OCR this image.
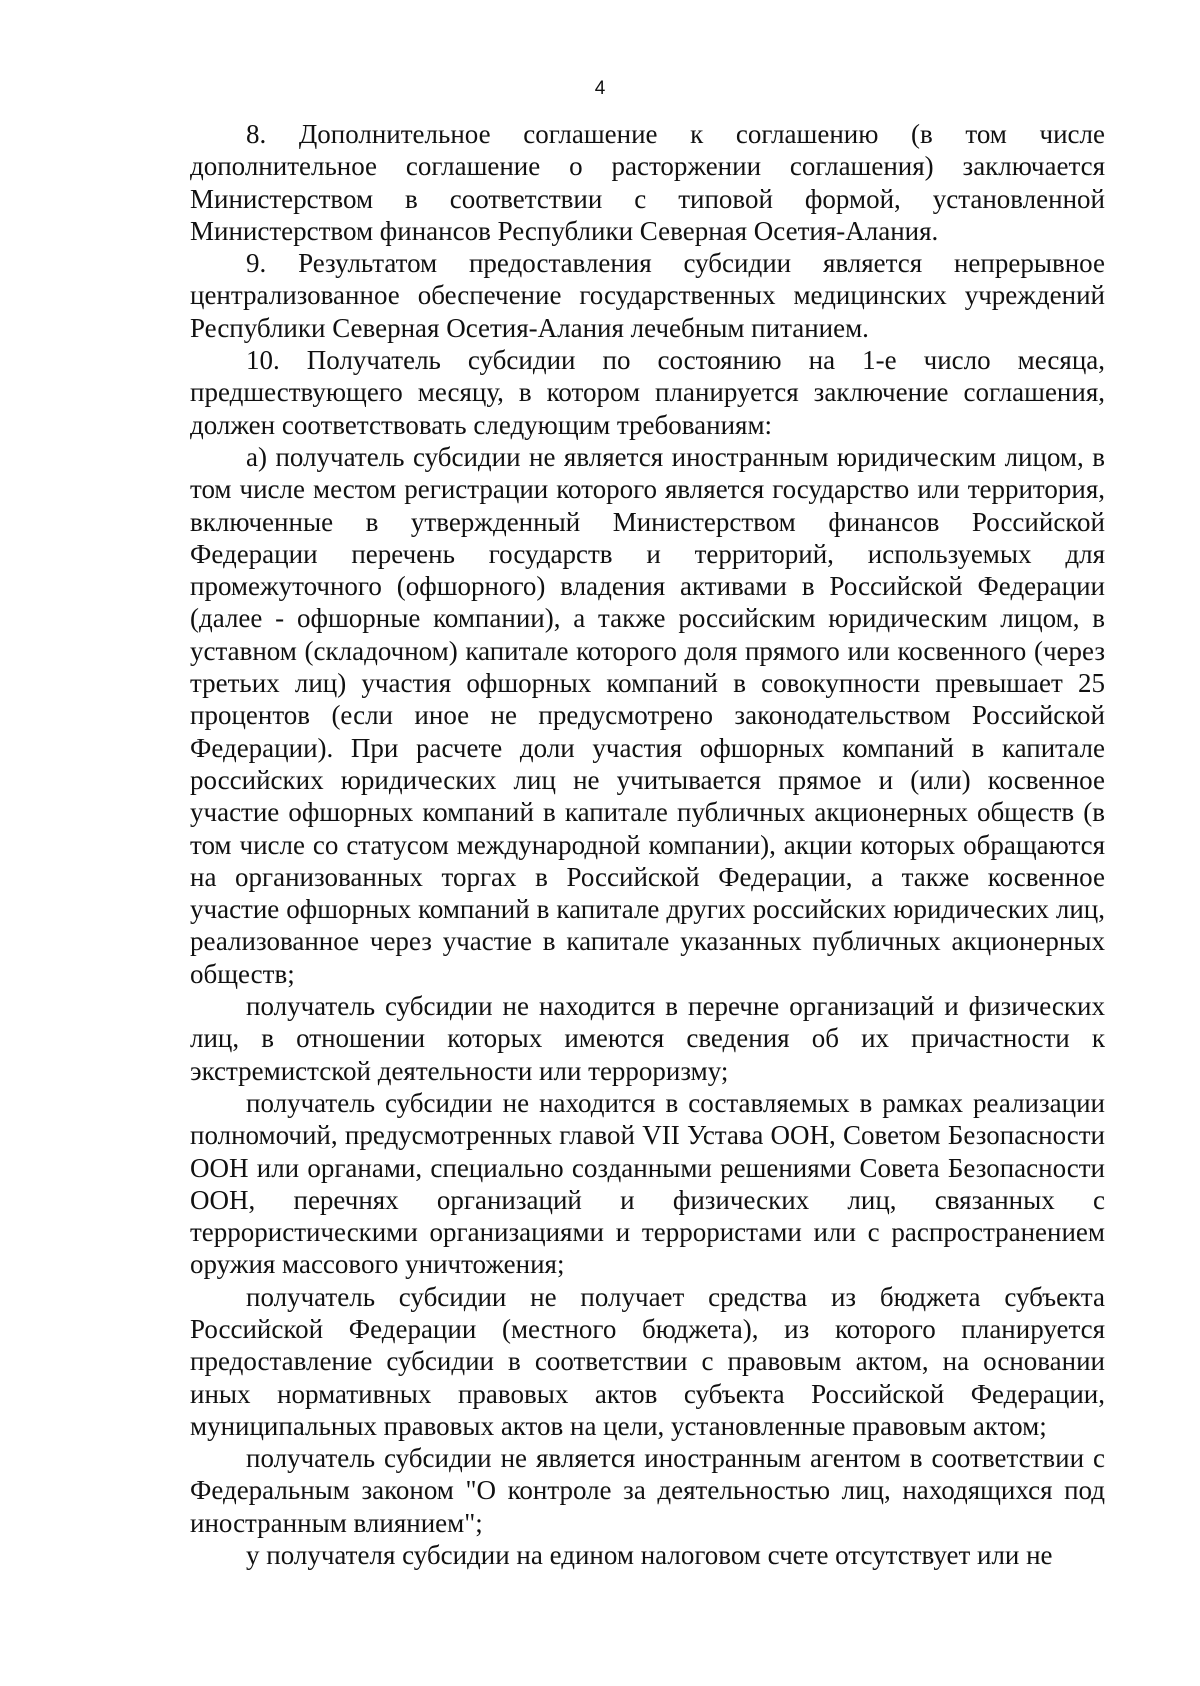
4

8. Дополнительное соглашение к соглашению (в том числе дополнительное соглашение о расторжении соглашения) заключается Министерством в соответствии с типовой формой, установленной Министерством финансов Республики Северная Осетия-Алания.

9. Результатом предоставления субсидии является непрерывное централизованное обеспечение государственных медицинских учреждений Республики Северная Осетия-Алания лечебным питанием.

10. Получатель субсидии по состоянию на 1-е число месяца, предшествующего месяцу, в котором планируется заключение соглашения, должен соответствовать следующим требованиям:

а) получатель субсидии не является иностранным юридическим лицом, в том числе местом регистрации которого является государство или территория, включенные в утвержденный Министерством финансов Российской Федерации перечень государств и территорий, используемых для промежуточного (офшорного) владения активами в Российской Федерации (далее - офшорные компании), а также российским юридическим лицом, в уставном (складочном) капитале которого доля прямого или косвенного (через третьих лиц) участия офшорных компаний в совокупности превышает 25 процентов (если иное не предусмотрено законодательством Российской Федерации). При расчете доли участия офшорных компаний в капитале российских юридических лиц не учитывается прямое и (или) косвенное участие офшорных компаний в капитале публичных акционерных обществ (в том числе со статусом международной компании), акции которых обращаются на организованных торгах в Российской Федерации, а также косвенное участие офшорных компаний в капитале других российских юридических лиц, реализованное через участие в капитале указанных публичных акционерных обществ;

получатель субсидии не находится в перечне организаций и физических лиц, в отношении которых имеются сведения об их причастности к экстремистской деятельности или терроризму;

получатель субсидии не находится в составляемых в рамках реализации полномочий, предусмотренных главой VII Устава ООН, Советом Безопасности ООН или органами, специально созданными решениями Совета Безопасности ООН, перечнях организаций и физических лиц, связанных с террористическими организациями и террористами или с распространением оружия массового уничтожения;

получатель субсидии не получает средства из бюджета субъекта Российской Федерации (местного бюджета), из которого планируется предоставление субсидии в соответствии с правовым актом, на основании иных нормативных правовых актов субъекта Российской Федерации, муниципальных правовых актов на цели, установленные правовым актом;

получатель субсидии не является иностранным агентом в соответствии с Федеральным законом "О контроле за деятельностью лиц, находящихся под иностранным влиянием";

у получателя субсидии на едином налоговом счете отсутствует или не
